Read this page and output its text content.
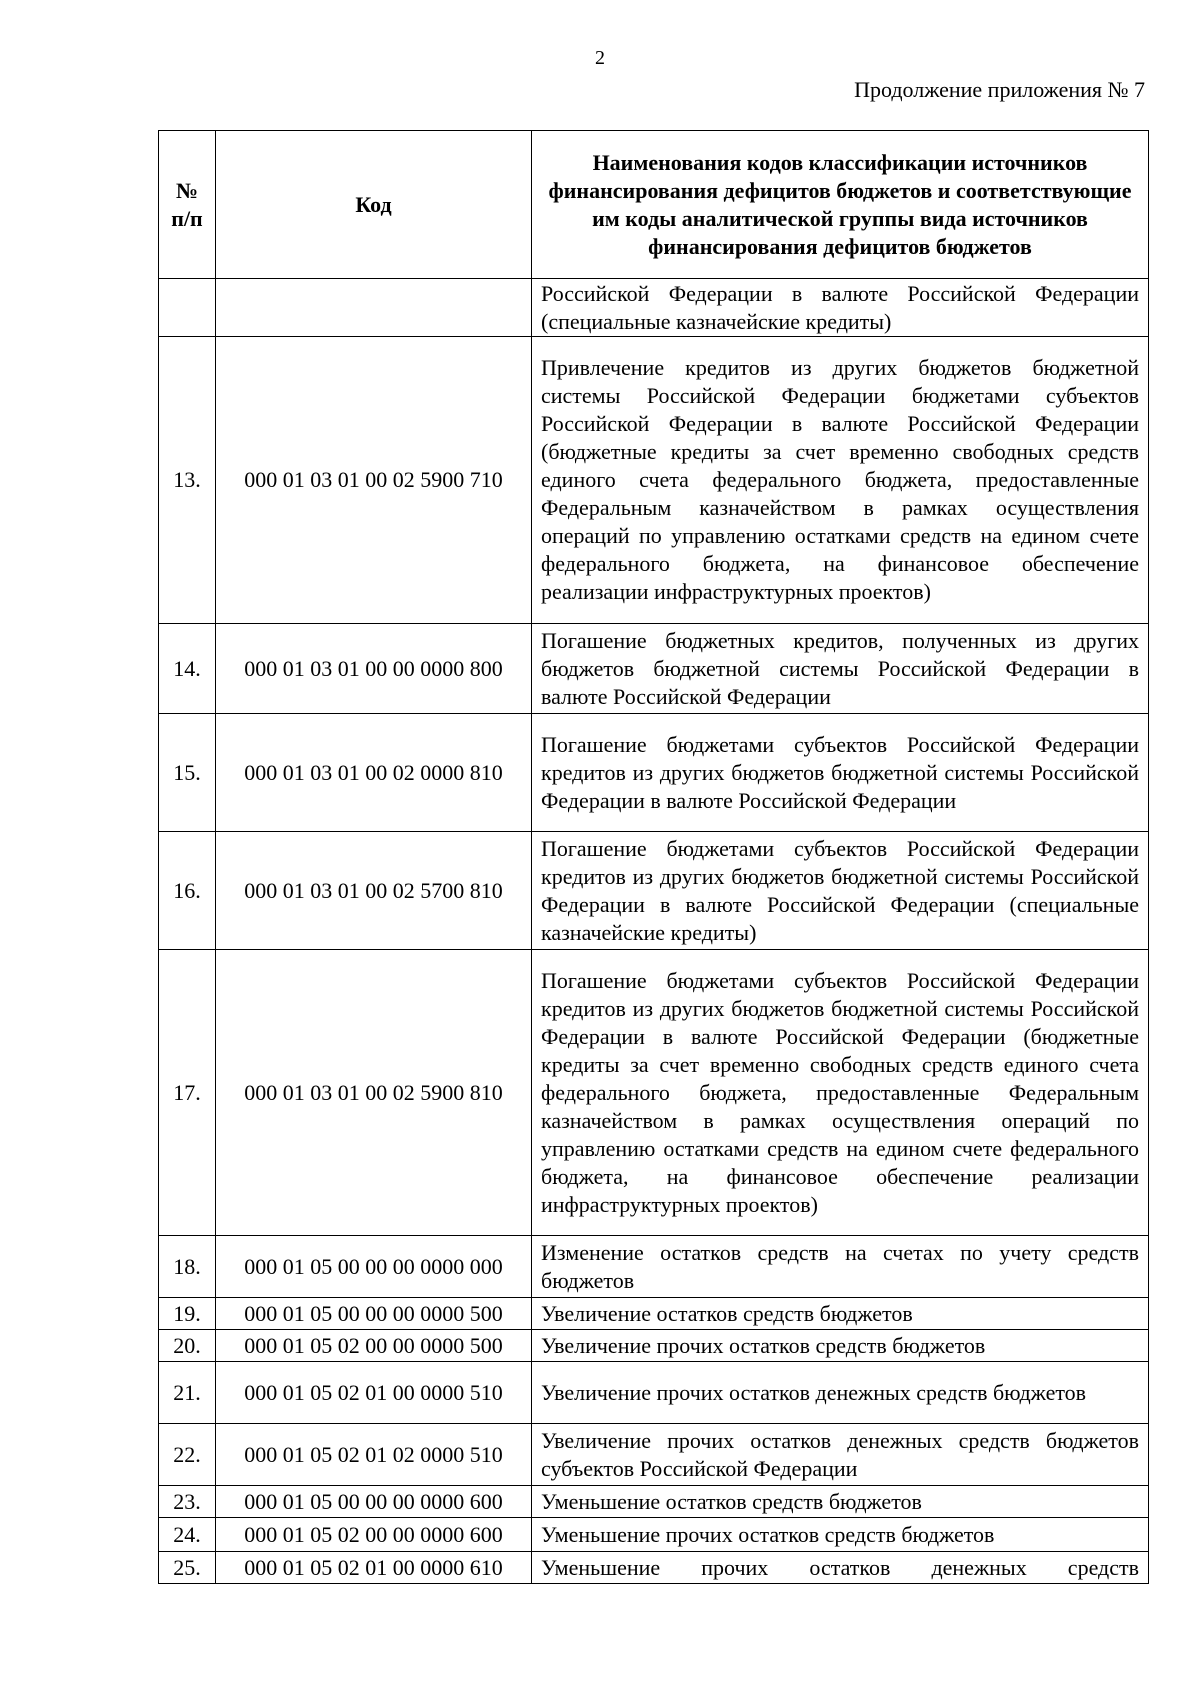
2
Продолжение приложения № 7
№ п/п	Код	Наименования кодов классификации источников финансирования дефицитов бюджетов и соответствующие им коды аналитической группы вида источников финансирования дефицитов бюджетов
		Российской Федерации в валюте Российской Федерации (специальные казначейские кредиты)
13.	000 01 03 01 00 02 5900 710	Привлечение кредитов из других бюджетов бюджетной системы Российской Федерации бюджетами субъектов Российской Федерации в валюте Российской Федерации (бюджетные кредиты за счет временно свободных средств единого счета федерального бюджета, предоставленные Федеральным казначейством в рамках осуществления операций по управлению остатками средств на едином счете федерального бюджета, на финансовое обеспечение реализации инфраструктурных проектов)
14.	000 01 03 01 00 00 0000 800	Погашение бюджетных кредитов, полученных из других бюджетов бюджетной системы Российской Федерации в валюте Российской Федерации
15.	000 01 03 01 00 02 0000 810	Погашение бюджетами субъектов Российской Федерации кредитов из других бюджетов бюджетной системы Российской Федерации в валюте Российской Федерации
16.	000 01 03 01 00 02 5700 810	Погашение бюджетами субъектов Российской Федерации кредитов из других бюджетов бюджетной системы Российской Федерации в валюте Российской Федерации (специальные казначейские кредиты)
17.	000 01 03 01 00 02 5900 810	Погашение бюджетами субъектов Российской Федерации кредитов из других бюджетов бюджетной системы Российской Федерации в валюте Российской Федерации (бюджетные кредиты за счет временно свободных средств единого счета федерального бюджета, предоставленные Федеральным казначейством в рамках осуществления операций по управлению остатками средств на едином счете федерального бюджета, на финансовое обеспечение реализации инфраструктурных проектов)
18.	000 01 05 00 00 00 0000 000	Изменение остатков средств на счетах по учету средств бюджетов
19.	000 01 05 00 00 00 0000 500	Увеличение остатков средств бюджетов
20.	000 01 05 02 00 00 0000 500	Увеличение прочих остатков средств бюджетов
21.	000 01 05 02 01 00 0000 510	Увеличение прочих остатков денежных средств бюджетов
22.	000 01 05 02 01 02 0000 510	Увеличение прочих остатков денежных средств бюджетов субъектов Российской Федерации
23.	000 01 05 00 00 00 0000 600	Уменьшение остатков средств бюджетов
24.	000 01 05 02 00 00 0000 600	Уменьшение прочих остатков средств бюджетов
25.	000 01 05 02 01 00 0000 610	Уменьшение прочих остатков денежных средств
